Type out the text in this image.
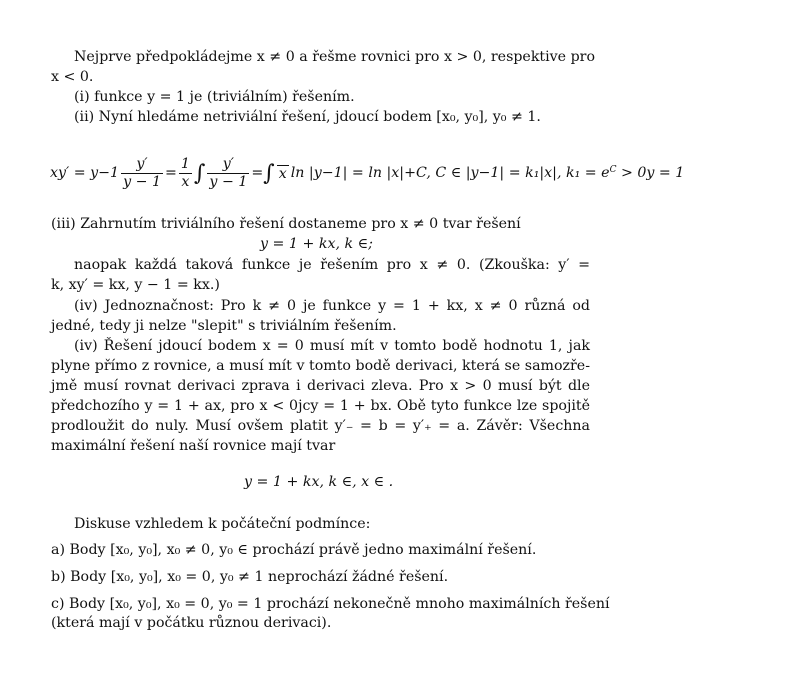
Nejprve předpokládejme x ≠ 0 a řešme rovnici pro x > 0, respektive pro
x < 0.
(i) funkce y = 1 je (triviálním) řešením.
(ii) Nyní hledáme netriviální řešení, jdoucí bodem [x₀, y₀], y₀ ≠ 1.
$xy' = y-1 \frac{y'}{y - 1} = \frac{1}{x}$ ∫ $\frac{y'}{y - 1}$ =∫ x ln |y−1| = ln |x|+C, C ∈ |y−1| = k₁|x|, $k_1 = e^C > 0y = 1$
(iii) Zahrnutím triviálního řešení dostaneme pro x ≠ 0 tvar řešení
y = 1 + kx, k ∈;
naopak každá taková funkce je řešením pro x ≠ 0. (Zkouška: y′ =
k, xy′ = kx, y − 1 = kx.)
(iv) Jednoznačnost: Pro k ≠ 0 je funkce y = 1 + kx, x ≠ 0 různá od
jedné, tedy ji nelze "slepit" s triviálním řešením.
(iv) Řešení jdoucí bodem x = 0 musí mít v tomto bodě hodnotu 1, jak
plyne přímo z rovnice, a musí mít v tomto bodě derivaci, která se samozře-
jmě musí rovnat derivaci zprava i derivaci zleva. Pro x > 0 musí být dle
předchozího y = 1 + ax, pro x < 0jcy = 1 + bx. Obě tyto funkce lze spojitě
prodloužit do nuly. Musí ovšem platit y′₋ = b = y′₊ = a. Závěr: Všechna
maximální řešení naší rovnice mají tvar
y = 1 + kx, k ∈, x ∈ .
Diskuse vzhledem k počáteční podmínce:
a) Body [x₀, y₀], x₀ ≠ 0, y₀ ∈ prochází právě jedno maximální řešení.
b) Body [x₀, y₀], x₀ = 0, y₀ ≠ 1 neprochází žádné řešení.
c) Body [x₀, y₀], x₀ = 0, y₀ = 1 prochází nekonečně mnoho maximálních řešení
(která mají v počátku různou derivaci).
